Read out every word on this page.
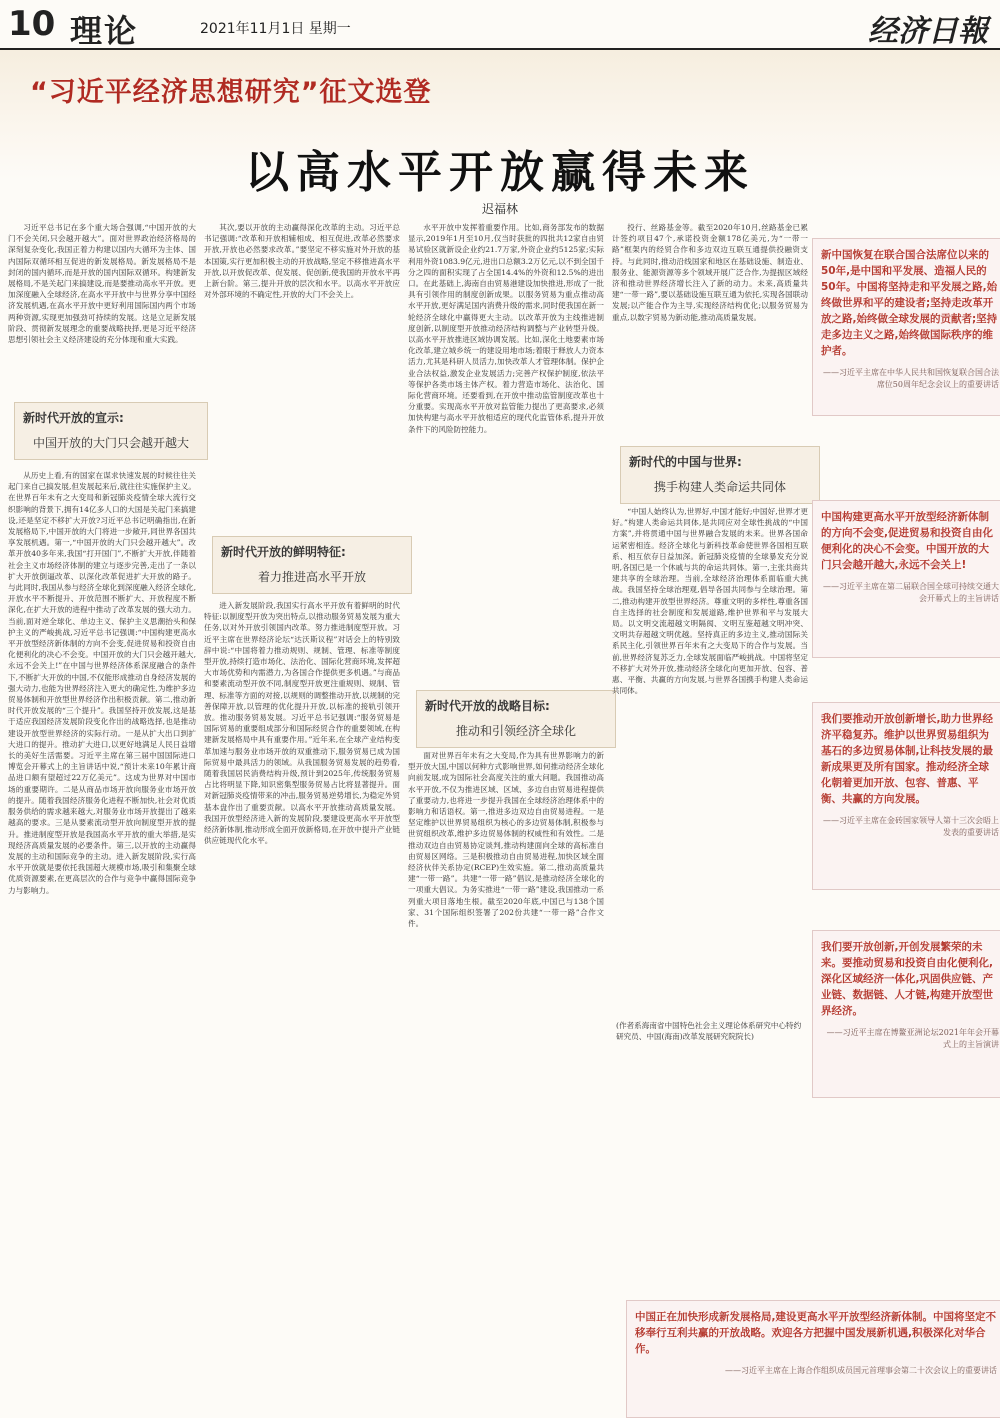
10 理论	2021年11月1日 星期一	经济日報
“习近平经济思想研究”征文选登
以高水平开放赢得未来
迟福林

习近平总书记在多个重大场合强调,“中国开放的大门不会关闭,只会越开越大”。面对世界政治经济格局的深刻复杂变化,我国正着力构建以国内大循环为主体、国内国际双循环相互促进的新发展格局。新发展格局不是封闭的国内循环,而是开放的国内国际双循环。构建新发展格局,不是关起门来搞建设,而是要推动高水平开放。更加深度融入全球经济,在高水平开放中与世界分享中国经济发展机遇,在高水平开放中更好利用国际国内两个市场两种资源,实现更加强劲可持续的发展。这是立足新发展阶段、贯彻新发展理念的重要战略抉择,更是习近平经济思想引领社会主义经济建设的充分体现和重大实践。

新时代开放的宣示:
中国开放的大门只会越开越大

从历史上看,有的国家在谋求快速发展的时候往往关起门来自己搞发展,但发展起来后,就往往实施保护主义。在世界百年未有之大变局和新冠肺炎疫情全球大流行交织影响的背景下,拥有14亿多人口的大国是关起门来搞建设,还是坚定不移扩大开放?习近平总书记明确指出,在新发展格局下,中国开放的大门将进一步敞开,同世界各国共享发展机遇。第一,“中国开放的大门只会越开越大”。改革开放40多年来,我国“打开国门”,不断扩大开放,伴随着社会主义市场经济体制的建立与逐步完善,走出了一条以扩大开放倒逼改革、以深化改革促进扩大开放的路子。与此同时,我国从参与经济全球化到深度融入经济全球化,开放水平不断提升、开放范围不断扩大、开放程度不断深化,在扩大开放的进程中推动了改革发展的强大动力。当前,面对逆全球化、单边主义、保护主义思潮抬头和保护主义的严峻挑战,习近平总书记强调:“中国构建更高水平开放型经济新体制的方向不会变,促进贸易和投资自由化便利化的决心不会变。中国开放的大门只会越开越大,永远不会关上!”在中国与世界经济体系深度融合的条件下,不断扩大开放的中国,不仅能形成推动自身经济发展的强大动力,也能为世界经济注入更大的确定性,为维护多边贸易体制和开放型世界经济作出积极贡献。第二,推动新时代开放发展的“三个提升”。我国坚持开放发展,这是基于适应我国经济发展阶段变化作出的战略选择,也是推动建设开放型世界经济的实际行动。一是从扩大出口到扩大进口的提升。推动扩大进口,以更好地满足人民日益增长的美好生活需要。习近平主席在第三届中国国际进口博览会开幕式上的主旨讲话中说,“预计未来10年累计商品进口额有望超过22万亿美元”。这成为世界对中国市场的重要期许。二是从商品市场开放向服务业市场开放的提升。随着我国经济服务化进程不断加快,社会对优质服务供给的需求越来越大,对服务业市场开放提出了越来越高的要求。三是从要素流动型开放向制度型开放的提升。推进制度型开放是我国高水平开放的重大举措,是实现经济高质量发展的必要条件。第三,以开放的主动赢得发展的主动和国际竞争的主动。进入新发展阶段,实行高水平开放就是要依托我国超大规模市场,吸引和集聚全球优质资源要素,在更高层次的合作与竞争中赢得国际竞争力与影响力。

其次,要以开放的主动赢得深化改革的主动。习近平总书记强调:“改革和开放相辅相成、相互促进,改革必然要求开放,开放也必然要求改革。”要坚定不移实施对外开放的基本国策,实行更加积极主动的开放战略,坚定不移推进高水平开放,以开放促改革、促发展、促创新,使我国的开放水平再上新台阶。第三,提升开放的层次和水平。以高水平开放应对外部环境的不确定性,开放的大门不会关上。

新时代开放的鲜明特征:
着力推进高水平开放

进入新发展阶段,我国实行高水平开放有着鲜明的时代特征:以制度型开放为突出特点,以推动服务贸易发展为重大任务,以对外开放引领国内改革。努力推进制度型开放。习近平主席在世界经济论坛“达沃斯议程”对话会上的特别致辞中说:“中国将着力推动规则、规制、管理、标准等制度型开放,持续打造市场化、法治化、国际化营商环境,发挥超大市场优势和内需潜力,为各国合作提供更多机遇。”与商品和要素流动型开放不同,制度型开放更注重规则、规制、管理、标准等方面的对接,以规则的调整推动开放,以规制的完善保障开放,以管理的优化提升开放,以标准的接轨引领开放。推动服务贸易发展。习近平总书记强调:“服务贸易是国际贸易的重要组成部分和国际经贸合作的重要领域,在构建新发展格局中具有重要作用。”近年来,在全球产业结构变革加速与服务业市场开放的双重推动下,服务贸易已成为国际贸易中最具活力的领域。从我国服务贸易发展的趋势看,随着我国居民消费结构升级,预计到2025年,传统服务贸易占比将明显下降,知识密集型服务贸易占比将显著提升。面对新冠肺炎疫情带来的冲击,服务贸易逆势增长,为稳定外贸基本盘作出了重要贡献。以高水平开放推动高质量发展。我国开放型经济进入新的发展阶段,要建设更高水平开放型经济新体制,推动形成全面开放新格局,在开放中提升产业链供应链现代化水平。

水平开放中发挥着重要作用。比如,商务部发布的数据显示,2019年1月至10月,仅当时获批的四批共12家自由贸易试验区就新设企业约21.7万家,外资企业约5125家;实际利用外资1083.9亿元,进出口总额3.2万亿元,以不到全国千分之四的面积实现了占全国14.4%的外资和12.5%的进出口。在此基础上,海南自由贸易港建设加快推进,形成了一批具有引领作用的制度创新成果。以服务贸易为重点推动高水平开放,更好满足国内消费升级的需求,同时使我国在新一轮经济全球化中赢得更大主动。以改革开放为主线推进制度创新,以制度型开放推动经济结构调整与产业转型升级。以高水平开放推进区域协调发展。比如,深化土地要素市场化改革,建立城乡统一的建设用地市场;着眼于释放人力资本活力,尤其是科研人员活力,加快改革人才管理体制。保护企业合法权益,激发企业发展活力;完善产权保护制度,依法平等保护各类市场主体产权。着力营造市场化、法治化、国际化营商环境。还要看到,在开放中推动监管制度改革也十分重要。实现高水平开放对监管能力提出了更高要求,必须加快构建与高水平开放相适应的现代化监管体系,提升开放条件下的风险防控能力。

新时代开放的战略目标:
推动和引领经济全球化

面对世界百年未有之大变局,作为具有世界影响力的新型开放大国,中国以何种方式影响世界,如何推动经济全球化向前发展,成为国际社会高度关注的重大问题。我国推动高水平开放,不仅为推进区域、区域、多边自由贸易进程提供了重要动力,也将进一步提升我国在全球经济治理体系中的影响力和话语权。第一,推进多边双边自由贸易进程。一是坚定维护以世界贸易组织为核心的多边贸易体制,积极参与世贸组织改革,维护多边贸易体制的权威性和有效性。二是推动双边自由贸易协定谈判,推动构建面向全球的高标准自由贸易区网络。三是积极推动自由贸易进程,加快区域全面经济伙伴关系协定(RCEP)生效实施。第二,推动高质量共建“一带一路”。共建“一带一路”倡议,是推动经济全球化的一项重大倡议。为务实推进“一带一路”建设,我国推动一系列重大项目落地生根。截至2020年底,中国已与138个国家、31个国际组织签署了202份共建“一带一路”合作文件。

投行、丝路基金等。截至2020年10月,丝路基金已累计签约项目47个,承诺投资金额178亿美元,为“一带一路”框架内的经贸合作和多边双边互联互通提供投融资支持。与此同时,推动沿线国家和地区在基础设施、制造业、服务业、能源资源等多个领域开展广泛合作,为提振区域经济和推动世界经济增长注入了新的动力。未来,高质量共建“一带一路”,要以基础设施互联互通为依托,实现各国联动发展;以产能合作为主导,实现经济结构优化;以服务贸易为重点,以数字贸易为新动能,推动高质量发展。

新时代的中国与世界:
携手构建人类命运共同体

“中国人始终认为,世界好,中国才能好;中国好,世界才更好。”构建人类命运共同体,是共同应对全球性挑战的“中国方案”,并将贯通中国与世界融合发展的未来。世界各国命运紧密相连。经济全球化与新科技革命使世界各国相互联系、相互依存日益加深。新冠肺炎疫情的全球暴发充分说明,各国已是一个休戚与共的命运共同体。第一,主张共商共建共享的全球治理。当前,全球经济治理体系面临重大挑战。我国坚持全球治理观,倡导各国共同参与全球治理。第二,推动构建开放型世界经济。尊重文明的多样性,尊重各国自主选择的社会制度和发展道路,维护世界和平与发展大局。以文明交流超越文明隔阂、文明互鉴超越文明冲突、文明共存超越文明优越。坚持真正的多边主义,推动国际关系民主化,引领世界百年未有之大变局下的合作与发展。当前,世界经济复苏乏力,全球发展面临严峻挑战。中国将坚定不移扩大对外开放,推动经济全球化向更加开放、包容、普惠、平衡、共赢的方向发展,与世界各国携手构建人类命运共同体。

(作者系海南省中国特色社会主义理论体系研究中心特约研究员、中国(海南)改革发展研究院院长)
新中国恢复在联合国合法席位以来的50年,是中国和平发展、造福人民的50年。中国将坚持走和平发展之路,始终做世界和平的建设者;坚持走改革开放之路,始终做全球发展的贡献者;坚持走多边主义之路,始终做国际秩序的维护者。
——习近平主席在中华人民共和国恢复联合国合法席位50周年纪念会议上的重要讲话
中国构建更高水平开放型经济新体制的方向不会变,促进贸易和投资自由化便利化的决心不会变。中国开放的大门只会越开越大,永远不会关上!
——习近平主席在第二届联合国全球可持续交通大会开幕式上的主旨讲话
我们要推动开放创新增长,助力世界经济平稳复苏。维护以世界贸易组织为基石的多边贸易体制,让科技发展的最新成果更及所有国家。推动经济全球化朝着更加开放、包容、普惠、平衡、共赢的方向发展。
——习近平主席在金砖国家领导人第十三次会晤上发表的重要讲话
我们要开放创新,开创发展繁荣的未来。要推动贸易和投资自由化便利化,深化区域经济一体化,巩固供应链、产业链、数据链、人才链,构建开放型世界经济。
——习近平主席在博鳌亚洲论坛2021年年会开幕式上的主旨演讲
中国正在加快形成新发展格局,建设更高水平开放型经济新体制。中国将坚定不移奉行互利共赢的开放战略。欢迎各方把握中国发展新机遇,积极深化对华合作。
——习近平主席在上海合作组织成员国元首理事会第二十次会议上的重要讲话
